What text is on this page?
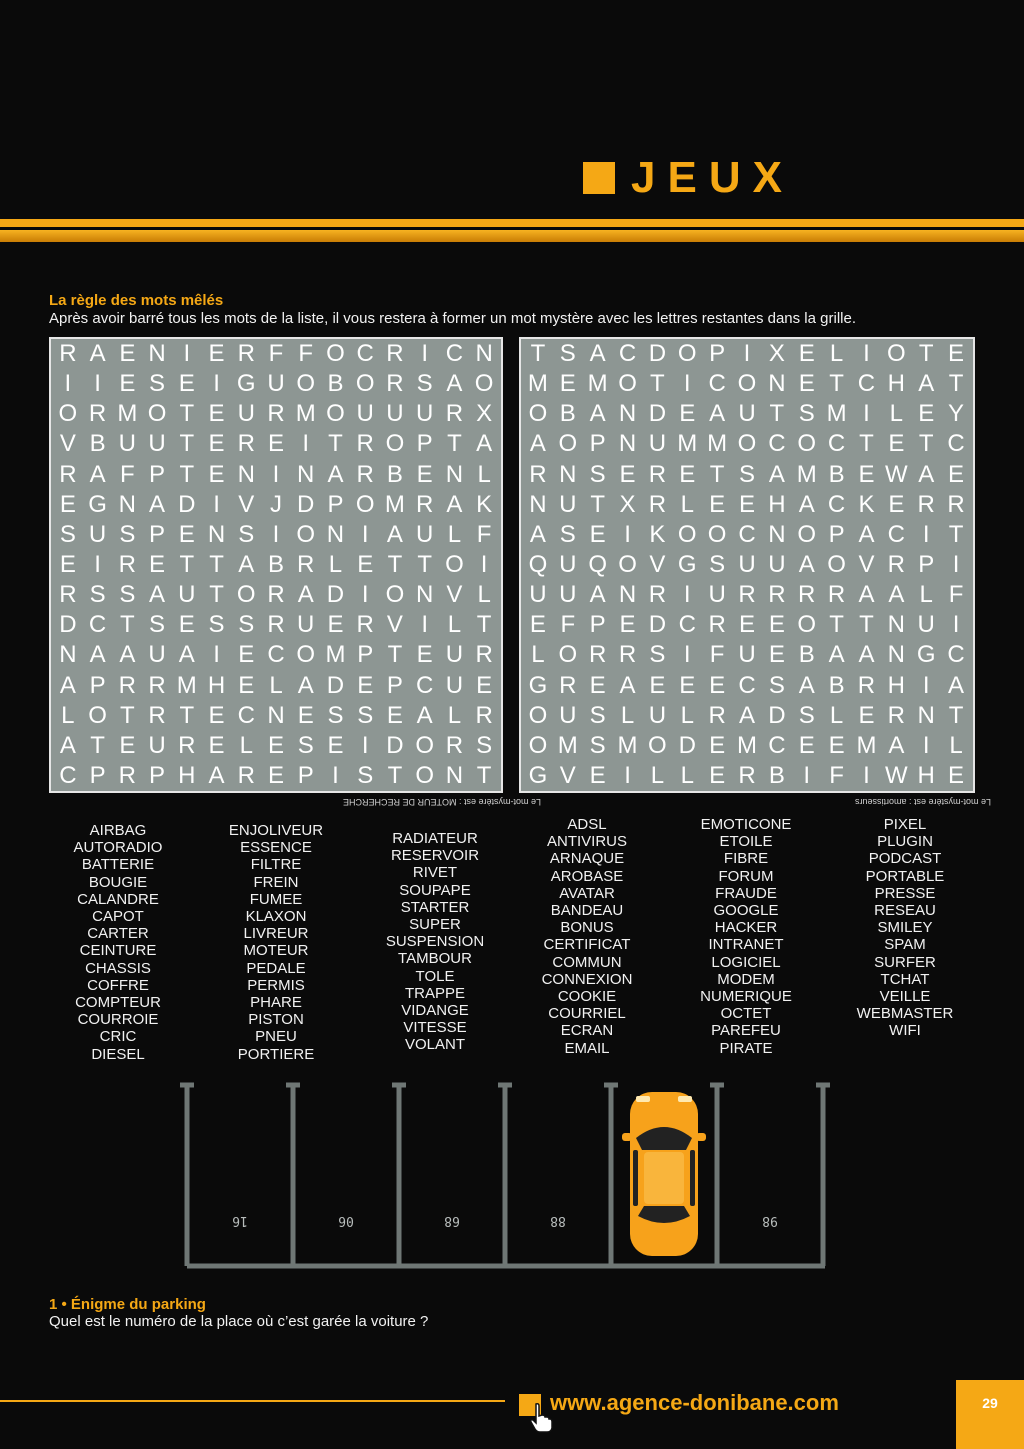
JEUX
La règle des mots mêlés
Après avoir barré tous les mots de la liste, il vous restera à former un mot mystère avec les lettres restantes dans la grille.
R A E N I E R F F O C R I C N
I I E S E I G U O B O R S A O
O R M O T E U R M O U U U R X
V B U U T E R E I T R O P T A
R A F P T E N I N A R B E N L
E G N A D I V J D P O M R A K
S U S P E N S I O N I A U L F
E I R E T T A B R L E T T O I
R S S A U T O R A D I O N V L
D C T S E S S R U E R V I L T
N A A U A I E C O M P T E U R
A P R R M H E L A D E P C U E
L O T R T E C N E S S E A L R
A T E U R E L E S E I D O R S
C P R P H A R E P I S T O N T
T S A C D O P I X E L I O T E
M E M O T I C O N E T C H A T
O B A N D E A U T S M I L E Y
A O P N U M M O C O C T E T C
R N S E R E T S A M B E W A E
N U T X R L E E H A C K E R R
A S E I K O O C N O P A C I T
Q U Q O V G S U U A O V R P I
U U A N R I U R R R R A A L F
E F P E D C R E E O T T N U I
L O R R S I F U E B A A N G C
G R E A E E E C S A B R H I A
O U S L U L R A D S L E R N T
O M S M O D E M C E E M A I L
G V E I L L E R B I F I W H E
Le mot-mystère est : MOTEUR DE RECHERCHE	Le mot-mystère est : amortisseurs
AIRBAG
AUTORADIO
BATTERIE
BOUGIE
CALANDRE
CAPOT
CARTER
CEINTURE
CHASSIS
COFFRE
COMPTEUR
COURROIE
CRIC
DIESEL
ENJOLIVEUR
ESSENCE
FILTRE
FREIN
FUMEE
KLAXON
LIVREUR
MOTEUR
PEDALE
PERMIS
PHARE
PISTON
PNEU
PORTIERE
RADIATEUR
RESERVOIR
RIVET
SOUPAPE
STARTER
SUPER
SUSPENSION
TAMBOUR
TOLE
TRAPPE
VIDANGE
VITESSE
VOLANT
ADSL
ANTIVIRUS
ARNAQUE
AROBASE
AVATAR
BANDEAU
BONUS
CERTIFICAT
COMMUN
CONNEXION
COOKIE
COURRIEL
ECRAN
EMAIL
EMOTICONE
ETOILE
FIBRE
FORUM
FRAUDE
GOOGLE
HACKER
INTRANET
LOGICIEL
MODEM
NUMERIQUE
OCTET
PAREFEU
PIRATE
PIXEL
PLUGIN
PODCAST
PORTABLE
PRESSE
RESEAU
SMILEY
SPAM
SURFER
TCHAT
VEILLE
WEBMASTER
WIFI
16	06	68	88	98
1 • Énigme du parking
Quel est le numéro de la place où c’est garée la voiture ?
www.agence-donibane.com	29
